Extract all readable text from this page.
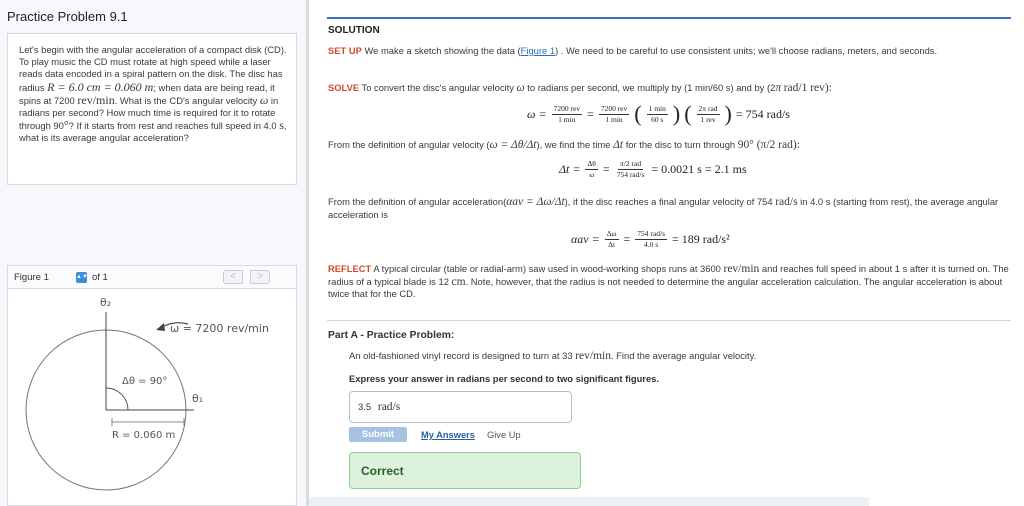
Practice Problem 9.1
Let's begin with the angular acceleration of a compact disk (CD). To play music the CD must rotate at high speed while a laser reads data encoded in a spiral pattern on the disk. The disc has radius R = 6.0 cm = 0.060 m; when data are being read, it spins at 7200 rev/min. What is the CD's angular velocity ω in radians per second? How much time is required for it to rotate through 90°? If it starts from rest and reaches full speed in 4.0 s, what is its average angular acceleration?
Figure 1	▲▼ of 1	<	>
θ₂
θ₁
ω = 7200 rev/min
Δθ = 90°
R = 0.060 m
SOLUTION
SET UP We make a sketch showing the data (Figure 1) . We need to be careful to use consistent units; we'll choose radians, meters, and seconds.
SOLVE To convert the disc's angular velocity ω to radians per second, we multiply by (1 min/60 s) and by (2π rad/1 rev):
$\omega = \frac{\text{7200 rev}}{1 \min} = \frac{\text{7200 rev}}{1 \min}$ ( $\frac{1 \min}{60 s}$ ) ( $\frac{\text{2π rad}}{\text{1 rev}}$ ) = 754 rad/s
From the definition of angular velocity (ω = Δθ/Δt), we find the time Δt for the disc to turn through 90° (π/2 rad):
$\Delta t = \frac{\Delta\theta}{\omega} = \frac{\text{π/2 rad}}{\text{754 rad/s}} = 0.0021$ s = 2.1 ms
From the definition of angular acceleration(αav = Δω/Δt), if the disc reaches a final angular velocity of 754 rad/s in 4.0 s (starting from rest), the average angular acceleration is
$\alpha av = \frac{\Delta\omega}{\Delta t} = \frac{\text{754 rad/s}}{4.0 s} = 189$ rad/s²
REFLECT A typical circular (table or radial-arm) saw used in wood-working shops runs at 3600 rev/min and reaches full speed in about 1 s after it is turned on. The radius of a typical blade is 12 cm. Note, however, that the radius is not needed to determine the angular acceleration calculation. The angular acceleration is about twice that for the CD.
Part A - Practice Problem:
An old-fashioned vinyl record is designed to turn at 33 rev/min. Find the average angular velocity.
Express your answer in radians per second to two significant figures.
3.5 rad/s
Submit	My Answers Give Up
Correct
